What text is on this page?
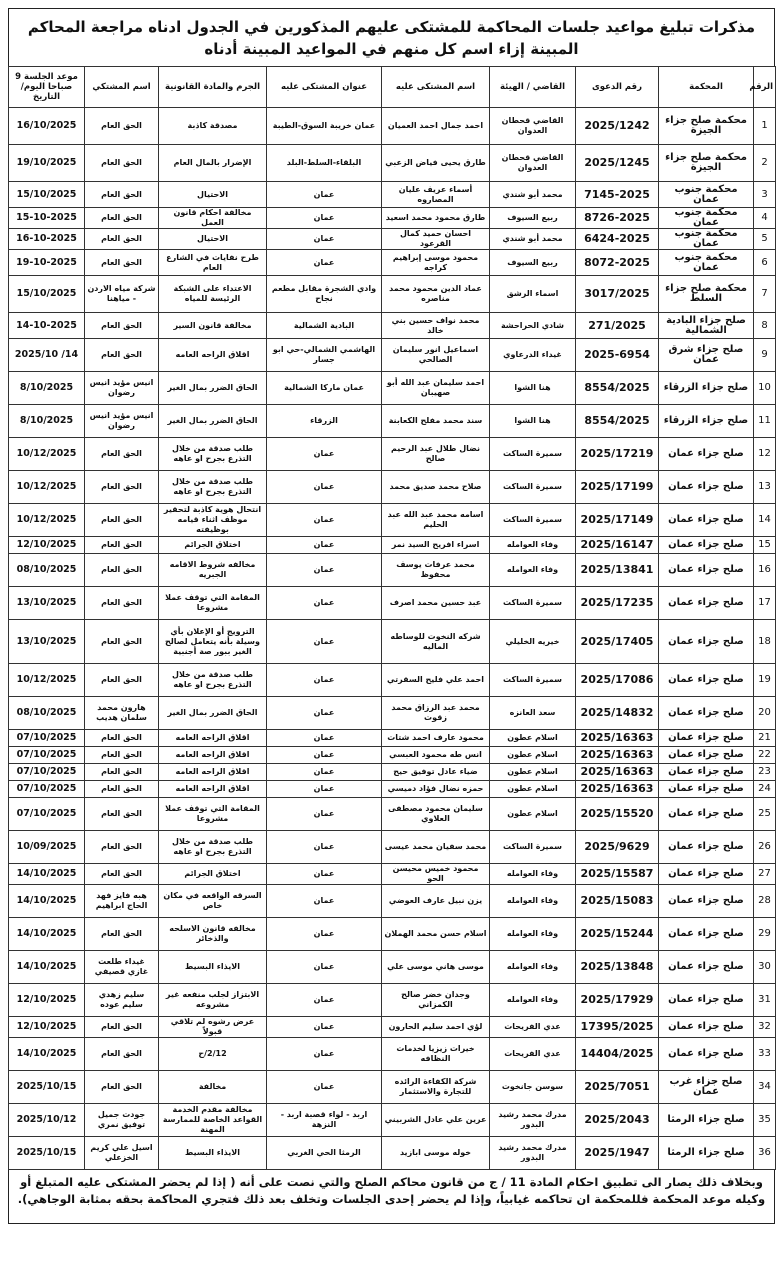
مذكرات تبليغ مواعيد جلسات المحاكمة للمشتكى عليهم المذكورين في الجدول ادناه مراجعة المحاكم المبينة إزاء اسم كل منهم في المواعيد المبينة أدناه
الرقم	المحكمة	رقم الدعوى	القاضي / الهيئة	اسم المشتكى عليه	عنوان المشتكى عليه	الجرم والمادة القانونية	اسم المشتكي	موعد الجلسة 9 صباحا اليوم/التاريخ
1	محكمة صلح جزاء الجيزة	2025/1242	القاضي قحطان العدوان	احمد جمال احمد العميان	عمان خريبة السوق-الطيبة	مصدقة كاذبة	الحق العام	16/10/2025
2	محكمة صلح جزاء الجيزة	2025/1245	القاضي قحطان العدوان	طارق يحيى فياض الزعبي	البلقاء-السلط-البلد	الإضرار بالمال العام	الحق العام	19/10/2025
3	محكمة جنوب عمان	7145-2025	محمد أبو شندي	أسماء عريف عليان المصاروه	عمان	الاحتيال	الحق العام	15/10/2025
4	محكمة جنوب عمان	8726-2025	ربيع السيوف	طارق محمود محمد اسعيد	عمان	مخالفة احكام قانون العمل	الحق العام	15-10-2025
5	محكمة جنوب عمان	6424-2025	محمد أبو شندي	احسان حميد كمال القرعود	عمان	الاحتيال	الحق العام	16-10-2025
6	محكمة جنوب عمان	8072-2025	ربيع السيوف	محمود موسى إبراهيم كراجه	عمان	طرح نفايات في الشارع العام	الحق العام	19-10-2025
7	محكمة صلح جزاء السلط	3017/2025	اسماء الرشق	عماد الدين محمود محمد مناصره	وادي الشجرة مقابل مطعم نجاح	الاعتداء على الشبكة الرئيسة للمياه	شركة مياه الاردن - مياهنا	15/10/2025
8	صلح جزاء البادية الشمالية	271/2025	شادي الحراحشة	محمد نواف حسين بني خالد	البادية الشمالية	مخالفة قانون السير	الحق العام	14-10-2025
9	صلح جزاء شرق عمان	2025-6954	غيداء الدرعاوي	اسماعيل انور سليمان الصالحي	الهاشمي الشمالي-حي ابو جسار	اقلاق الراحه العامه	الحق العام	14/ 2025/10
10	صلح جزاء الزرقاء	8554/2025	هنا الشوا	احمد سليمان عبد الله أبو صهيبان	عمان ماركا الشمالية	الحاق الضرر بمال الغير	انيس مؤيد انيس رضوان	8/10/2025
11	صلح جزاء الزرقاء	8554/2025	هنا الشوا	سند محمد مفلح الكعابنة	الزرقاء	الحاق الضرر بمال الغير	انيس مؤيد انيس رضوان	8/10/2025
12	صلح جزاء عمان	2025/17219	سميرة الساكت	نضال طلال عبد الرحيم صالح	عمان	طلب صدقة من خلال التذرع بجرح او عاهه	الحق العام	10/12/2025
13	صلح جزاء عمان	2025/17199	سميرة الساكت	صلاح محمد صديق محمد	عمان	طلب صدقة من خلال التذرع بجرح او عاهه	الحق العام	10/12/2025
14	صلح جزاء عمان	2025/17149	سميرة الساكت	اسامه محمد عبد الله عبد الحليم	عمان	انتحال هوية كاذبة لتحقير موظف اثناء قيامه بوظيفته	الحق العام	10/12/2025
15	صلح جزاء عمان	2025/16147	وفاء العوامله	اسراء افريح السيد نمر	عمان	اختلاق الجرائم	الحق العام	12/10/2025
16	صلح جزاء عمان	2025/13841	وفاء العوامله	محمد عرفات يوسف محفوظ	عمان	مخالفه شروط الاقامه الجبريه	الحق العام	08/10/2025
17	صلح جزاء عمان	2025/17235	سميرة الساكت	عبد حسين محمد اصرف	عمان	المقامة التي توقف عملا مشروعا	الحق العام	13/10/2025
18	صلح جزاء عمان	2025/17405	خيريه الخليلي	شركه النخوت للوساطه الماليه	عمان	الترويج أو الإعلان بأي وسيلة بأنه يتعامل لصالح الغير ببور صة أجنبية	الحق العام	13/10/2025
19	صلح جزاء عمان	2025/17086	سميرة الساكت	احمد علي فليح السقرتي	عمان	طلب صدقة من خلال التذرع بجرح او عاهه	الحق العام	10/12/2025
20	صلح جزاء عمان	2025/14832	سعد العانزه	محمد عبد الرزاق محمد زقوت	عمان	الحاق الضرر بمال الغير	هارون محمد سلمان هديب	08/10/2025
21	صلح جزاء عمان	2025/16363	اسلام عطون	محمود عارف احمد شتات	عمان	اقلاق الراحه العامه	الحق العام	07/10/2025
22	صلح جزاء عمان	2025/16363	اسلام عطون	انس طه محمود العبسي	عمان	اقلاق الراحه العامه	الحق العام	07/10/2025
23	صلح جزاء عمان	2025/16363	اسلام عطون	ضياء عادل توفيق حيح	عمان	اقلاق الراحه العامه	الحق العام	07/10/2025
24	صلح جزاء عمان	2025/16363	اسلام عطون	حمزه نضال فؤاد دميسي	عمان	اقلاق الراحه العامه	الحق العام	07/10/2025
25	صلح جزاء عمان	2025/15520	اسلام عطون	سليمان محمود مصطفى العلاوي	عمان	المقامة التي توقف عملا مشروعا	الحق العام	07/10/2025
26	صلح جزاء عمان	2025/9629	سميرة الساكت	محمد سفيان محمد عيسى	عمان	طلب صدقة من خلال التذرع بجرح او عاهه	الحق العام	10/09/2025
27	صلح جزاء عمان	2025/15587	وفاء العوامله	محمود خميس محيسن الحو	عمان	اختلاق الجرائم	الحق العام	14/10/2025
28	صلح جزاء عمان	2025/15083	وفاء العوامله	يزن نبيل عارف العوضي	عمان	السرقه الواقعه في مكان خاص	هبه فايز فهد الحاج ابراهيم	14/10/2025
29	صلح جزاء عمان	2025/15244	وفاء العوامله	اسلام حسن محمد الهملان	عمان	مخالفه قانون الاسلحه والذخائر	الحق العام	14/10/2025
30	صلح جزاء عمان	2025/13848	وفاء العوامله	موسى هاني موسى علي	عمان	الايذاء البسيط	غيداء طلعت غازي قصيفي	14/10/2025
31	صلح جزاء عمان	2025/17929	وفاء العوامله	وجدان خضر صالح الكمزاني	عمان	الابتزاز لجلب منفعه غير مشروعه	سليم زهدي سليم عوده	12/10/2025
32	صلح جزاء عمان	17395/2025	عدي الفريحات	لؤي احمد سليم الحارون	عمان	عرض رشوه لم تلاقي قبولاً	الحق العام	12/10/2025
33	صلح جزاء عمان	14404/2025	عدي الفريحات	خيرات زيزيا لخدمات النظافه	عمان	2/12/ح	الحق العام	14/10/2025
34	صلح جزاء غرب عمان	2025/7051	سوسن جانخوت	شركة الكفاءة الرائده للتجارة والاستثمار	عمان	مخالفة	الحق العام	2025/10/15
35	صلح جزاء الرمثا	2025/2043	مدرك محمد رشيد البدور	عرين علي عادل الشربيني	اربد - لواء قصبة اربد - النزهة	مخالفة مقدم الخدمة القواعد الخاصة للممارسة المهنة	جودت جميل توفيق نمري	2025/10/12
36	صلح جزاء الرمثا	2025/1947	مدرك محمد رشيد البدور	خوله موسى ابازيد	الرمثا الحي الغربي	الايذاء البسيط	اسيل علي كريم الخزعلي	2025/10/15
وبخلاف ذلك يصار الى تطبيق احكام المادة 11 / ج من قانون محاكم الصلح والتي نصت على أنه ( إذا لم يحضر المشتكى عليه المتبلغ أو وكيله موعد المحكمة فللمحكمة ان تحاكمه غيابياً، وإذا لم يحضر إحدى الجلسات وتخلف بعد ذلك فتجري المحاكمة بحقه بمثابة الوجاهي).
